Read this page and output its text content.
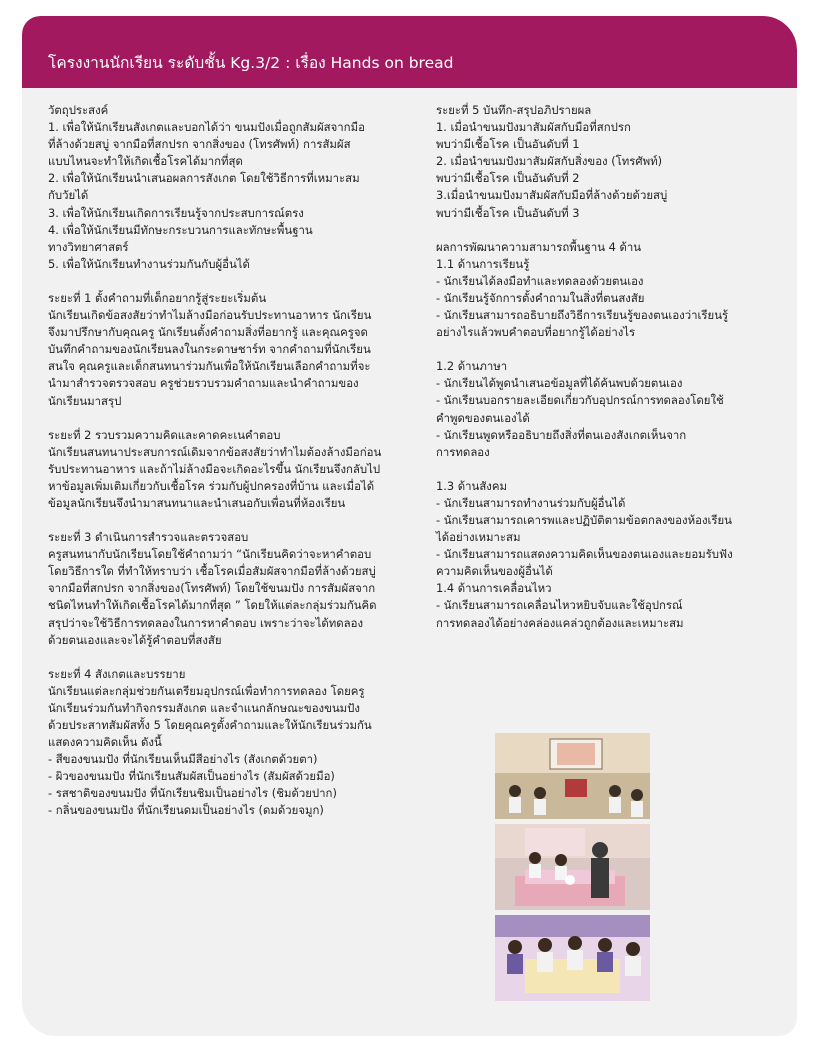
โครงงานนักเรียน ระดับชั้น Kg.3/2 : เรื่อง Hands on bread
วัตถุประสงค์
1. เพื่อให้นักเรียนสังเกตและบอกได้ว่า ขนมปังเมื่อถูกสัมผัสจากมือ
ที่ล้างด้วยสบู่ จากมือที่สกปรก จากสิ่งของ (โทรศัพท์) การสัมผัส
แบบไหนจะทำให้เกิดเชื้อโรคได้มากที่สุด
2. เพื่อให้นักเรียนนำเสนอผลการสังเกต โดยใช้วิธีการที่เหมาะสม
กับวัยได้
3. เพื่อให้นักเรียนเกิดการเรียนรู้จากประสบการณ์ตรง
4. เพื่อให้นักเรียนมีทักษะกระบวนการและทักษะพื้นฐาน
ทางวิทยาศาสตร์
5. เพื่อให้นักเรียนทำงานร่วมกันกับผู้อื่นได้
ระยะที่ 1 ตั้งคำถามที่เด็กอยากรู้สู่ระยะเริ่มต้น
นักเรียนเกิดข้อสงสัยว่าทำไมล้างมือก่อนรับประทานอาหาร นักเรียน
จึงมาปรึกษากับคุณครู นักเรียนตั้งคำถามสิ่งที่อยากรู้ และคุณครูจด
บันทึกคำถามของนักเรียนลงในกระดาษชาร์ท จากคำถามที่นักเรียน
สนใจ คุณครูและเด็กสนทนาร่วมกันเพื่อให้นักเรียนเลือกคำถามที่จะ
นำมาสำรวจตรวจสอบ ครูช่วยรวบรวมคำถามและนำคำถามของ
นักเรียนมาสรุป
ระยะที่ 2 รวบรวมความคิดและคาดคะเนคำตอบ
นักเรียนสนทนาประสบการณ์เดิมจากข้อสงสัยว่าทำไมต้องล้างมือก่อน
รับประทานอาหาร และถ้าไม่ล้างมือจะเกิดอะไรขึ้น นักเรียนจึงกลับไป
หาข้อมูลเพิ่มเติมเกี่ยวกับเชื้อโรค ร่วมกับผู้ปกครองที่บ้าน และเมื่อได้
ข้อมูลนักเรียนจึงนำมาสนทนาและนำเสนอกับเพื่อนที่ห้องเรียน
ระยะที่ 3 ดำเนินการสำรวจและตรวจสอบ
ครูสนทนากับนักเรียนโดยใช้คำถามว่า “นักเรียนคิดว่าจะหาคำตอบ
โดยวิธีการใด ที่ทำให้ทราบว่า เชื้อโรคเมื่อสัมผัสจากมือที่ล้างด้วยสบู่
จากมือที่สกปรก จากสิ่งของ(โทรศัพท์) โดยใช้ขนมปัง การสัมผัสจาก
ชนิดไหนทำให้เกิดเชื้อโรคได้มากที่สุด ” โดยให้แต่ละกลุ่มร่วมกันคิด
สรุปว่าจะใช้วิธีการทดลองในการหาคำตอบ เพราะว่าจะได้ทดลอง
ด้วยตนเองและจะได้รู้คำตอบที่สงสัย
ระยะที่ 4 สังเกตและบรรยาย
นักเรียนแต่ละกลุ่มช่วยกันเตรียมอุปกรณ์เพื่อทำการทดลอง โดยครู
นักเรียนร่วมกันทำกิจกรรมสังเกต และจำแนกลักษณะของขนมปัง
ด้วยประสาทสัมผัสทั้ง 5 โดยคุณครูตั้งคำถามและให้นักเรียนร่วมกัน
แสดงความคิดเห็น ดังนี้
- สีของขนมปัง ที่นักเรียนเห็นมีสีอย่างไร (สังเกตด้วยตา)
- ผิวของขนมปัง ที่นักเรียนสัมผัสเป็นอย่างไร (สัมผัสด้วยมือ)
- รสชาติของขนมปัง ที่นักเรียนชิมเป็นอย่างไร (ชิมด้วยปาก)
- กลิ่นของขนมปัง ที่นักเรียนดมเป็นอย่างไร (ดมด้วยจมูก)
ระยะที่ 5 บันทึก-สรุปอภิปรายผล
1. เมื่อนำขนมปังมาสัมผัสกับมือที่สกปรก
พบว่ามีเชื้อโรค เป็นอันดับที่ 1
2. เมื่อนำขนมปังมาสัมผัสกับสิ่งของ (โทรศัพท์)
พบว่ามีเชื้อโรค เป็นอันดับที่ 2
3.เมื่อนำขนมปังมาสัมผัสกับมือที่ล้างด้วยด้วยสบู่
พบว่ามีเชื้อโรค เป็นอันดับที่ 3
ผลการพัฒนาความสามารถพื้นฐาน 4 ด้าน
1.1 ด้านการเรียนรู้
- นักเรียนได้ลงมือทำและทดลองด้วยตนเอง
- นักเรียนรู้จักการตั้งคำถามในสิ่งที่ตนสงสัย
- นักเรียนสามารถอธิบายถึงวิธีการเรียนรู้ของตนเองว่าเรียนรู้
อย่างไรแล้วพบคำตอบที่อยากรู้ได้อย่างไร
1.2 ด้านภาษา
- นักเรียนได้พูดนำเสนอข้อมูลที่ได้ค้นพบด้วยตนเอง
- นักเรียนบอกรายละเอียดเกี่ยวกับอุปกรณ์การทดลองโดยใช้
คำพูดของตนเองได้
- นักเรียนพูดหรืออธิบายถึงสิ่งที่ตนเองสังเกตเห็นจาก
การทดลอง
1.3 ด้านสังคม
- นักเรียนสามารถทำงานร่วมกับผู้อื่นได้
- นักเรียนสามารถเคารพและปฏิบัติตามข้อตกลงของห้องเรียน
ได้อย่างเหมาะสม
- นักเรียนสามารถแสดงความคิดเห็นของตนเองและยอมรับฟัง
ความคิดเห็นของผู้อื่นได้
1.4 ด้านการเคลื่อนไหว
- นักเรียนสามารถเคลื่อนไหวหยิบจับและใช้อุปกรณ์
การทดลองได้อย่างคล่องแคล่วถูกต้องและเหมาะสม
